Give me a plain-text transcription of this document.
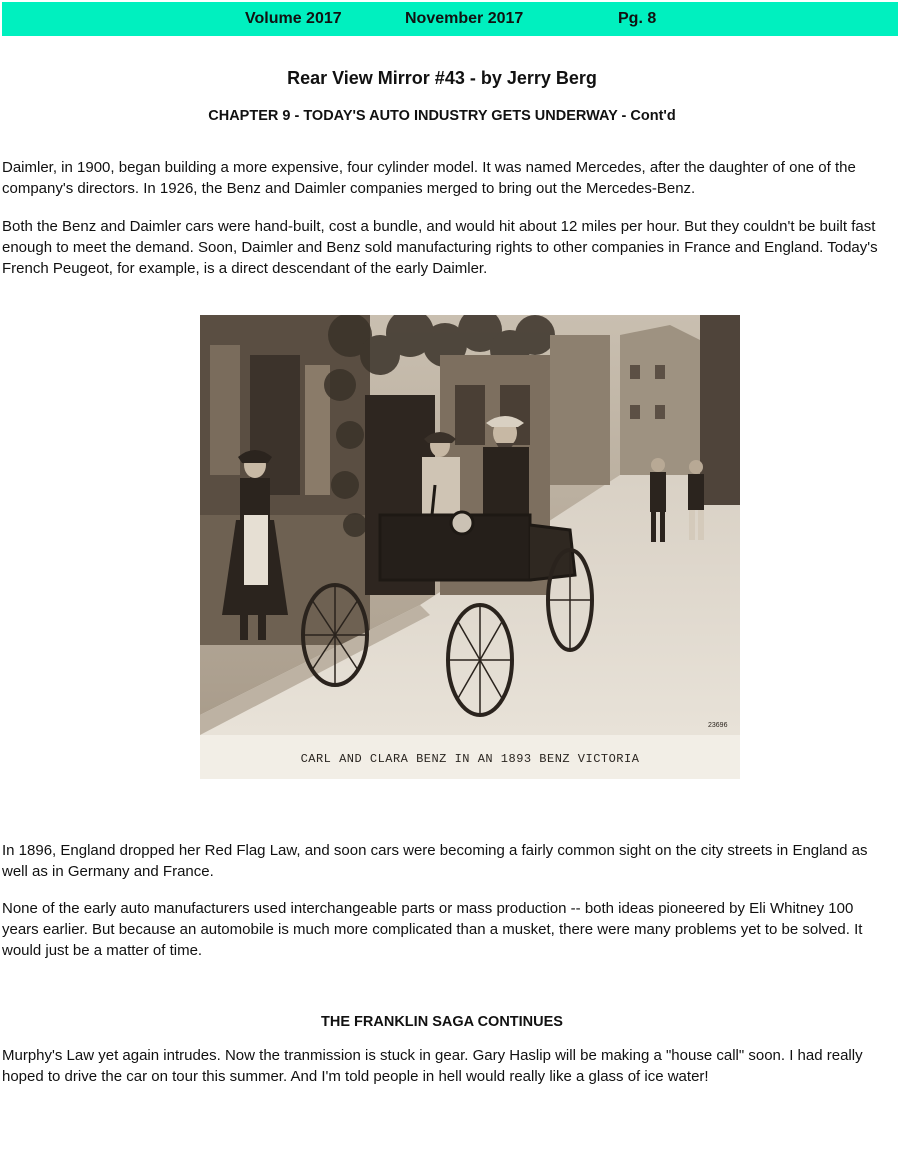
Volume 2017	November 2017	Pg. 8
Rear View Mirror #43 - by Jerry Berg
CHAPTER 9 - TODAY'S AUTO INDUSTRY GETS UNDERWAY - Cont'd

Daimler, in 1900, began building a more expensive, four cylinder model. It was named Mercedes, after the daughter of one of the company's directors. In 1926, the Benz and Daimler companies merged to bring out the Mercedes-Benz.

Both the Benz and Daimler cars were hand-built, cost a bundle, and would hit about 12 miles per hour. But they couldn't be built fast enough to meet the demand. Soon, Daimler and Benz sold manufacturing rights to other companies in France and England. Today's French Peugeot, for example, is a direct descendant of the early Daimler.

23696
CARL AND CLARA BENZ IN AN 1893 BENZ VICTORIA

In 1896, England dropped her Red Flag Law, and soon cars were becoming a fairly common sight on the city streets in England as well as in Germany and France.

None of the early auto manufacturers used interchangeable parts or mass production -- both ideas pioneered by Eli Whitney 100 years earlier. But because an automobile is much more complicated than a musket, there were many problems yet to be solved. It would just be a matter of time.

THE FRANKLIN SAGA CONTINUES

Murphy's Law yet again intrudes. Now the tranmission is stuck in gear. Gary Haslip will be making a "house call" soon. I had really hoped to drive the car on tour this summer. And I'm told people in hell would really like a glass of ice water!
